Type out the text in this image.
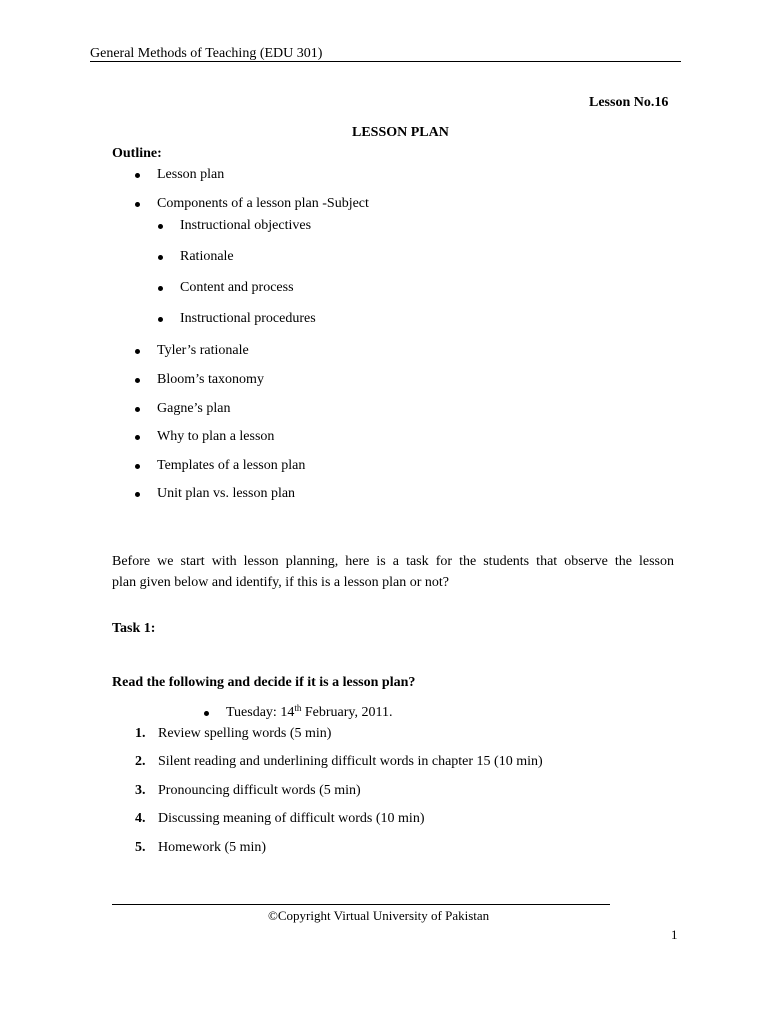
General Methods of Teaching (EDU 301)
Lesson No.16
LESSON PLAN
Outline:
Lesson plan
Components of a lesson plan -Subject
Instructional objectives
Rationale
Content and process
Instructional procedures
Tyler’s rationale
Bloom’s taxonomy
Gagne’s plan
Why to plan a lesson
Templates of a lesson plan
Unit plan vs. lesson plan
Before we start with lesson planning, here is a task for the students that observe the lesson
plan given below and identify, if this is a lesson plan or not?
Task 1:
Read the following and decide if it is a lesson plan?
Tuesday: 14th February, 2011.
1. Review spelling words (5 min)
2. Silent reading and underlining difficult words in chapter 15 (10 min)
3. Pronouncing difficult words (5 min)
4. Discussing meaning of difficult words (10 min)
5. Homework (5 min)
©Copyright Virtual University of Pakistan
1
